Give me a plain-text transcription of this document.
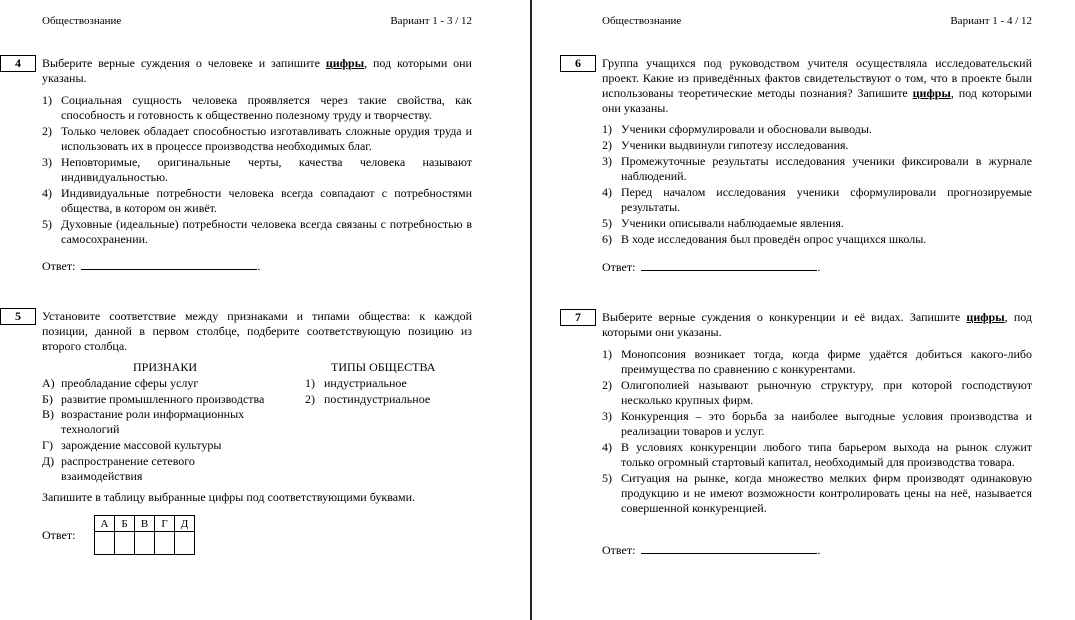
Обществознание	Вариант 1 - 3 / 12
4	Выберите верные суждения о человеке и запишите цифры, под которыми они указаны.
1) Социальная сущность человека проявляется через такие свойства, как способность и готовность к общественно полезному труду и творчеству.
2) Только человек обладает способностью изготавливать сложные орудия труда и использовать их в процессе производства необходимых благ.
3) Неповторимые, оригинальные черты, качества человека называют индивидуальностью.
4) Индивидуальные потребности человека всегда совпадают с потребностями общества, в котором он живёт.
5) Духовные (идеальные) потребности человека всегда связаны с потребностью в самосохранении.
Ответ:	.
5	Установите соответствие между признаками и типами общества: к каждой позиции, данной в первом столбце, подберите соответствующую позицию из второго столбца.
ПРИЗНАКИ	ТИПЫ ОБЩЕСТВА
А) преобладание сферы услуг
Б) развитие промышленного производства
В) возрастание роли информационных технологий
Г) зарождение массовой культуры
Д) распространение сетевого взаимодействия
1) индустриальное
2) постиндустриальное
Запишите в таблицу выбранные цифры под соответствующими буквами.
Ответ:
А	Б	В	Г	Д

Обществознание	Вариант 1 - 4 / 12
6	Группа учащихся под руководством учителя осуществляла исследовательский проект. Какие из приведённых фактов свидетельствуют о том, что в проекте были использованы теоретические методы познания? Запишите цифры, под которыми они указаны.
1) Ученики сформулировали и обосновали выводы.
2) Ученики выдвинули гипотезу исследования.
3) Промежуточные результаты исследования ученики фиксировали в журнале наблюдений.
4) Перед началом исследования ученики сформулировали прогнозируемые результаты.
5) Ученики описывали наблюдаемые явления.
6) В ходе исследования был проведён опрос учащихся школы.
Ответ:	.
7	Выберите верные суждения о конкуренции и её видах. Запишите цифры, под которыми они указаны.
1) Монопсония возникает тогда, когда фирме удаётся добиться какого-либо преимущества по сравнению с конкурентами.
2) Олигополией называют рыночную структуру, при которой господствуют несколько крупных фирм.
3) Конкуренция – это борьба за наиболее выгодные условия производства и реализации товаров и услуг.
4) В условиях конкуренции любого типа барьером выхода на рынок служит только огромный стартовый капитал, необходимый для производства товара.
5) Ситуация на рынке, когда множество мелких фирм производят одинаковую продукцию и не имеют возможности контролировать цены на неё, называется совершенной конкуренцией.
Ответ:	.
